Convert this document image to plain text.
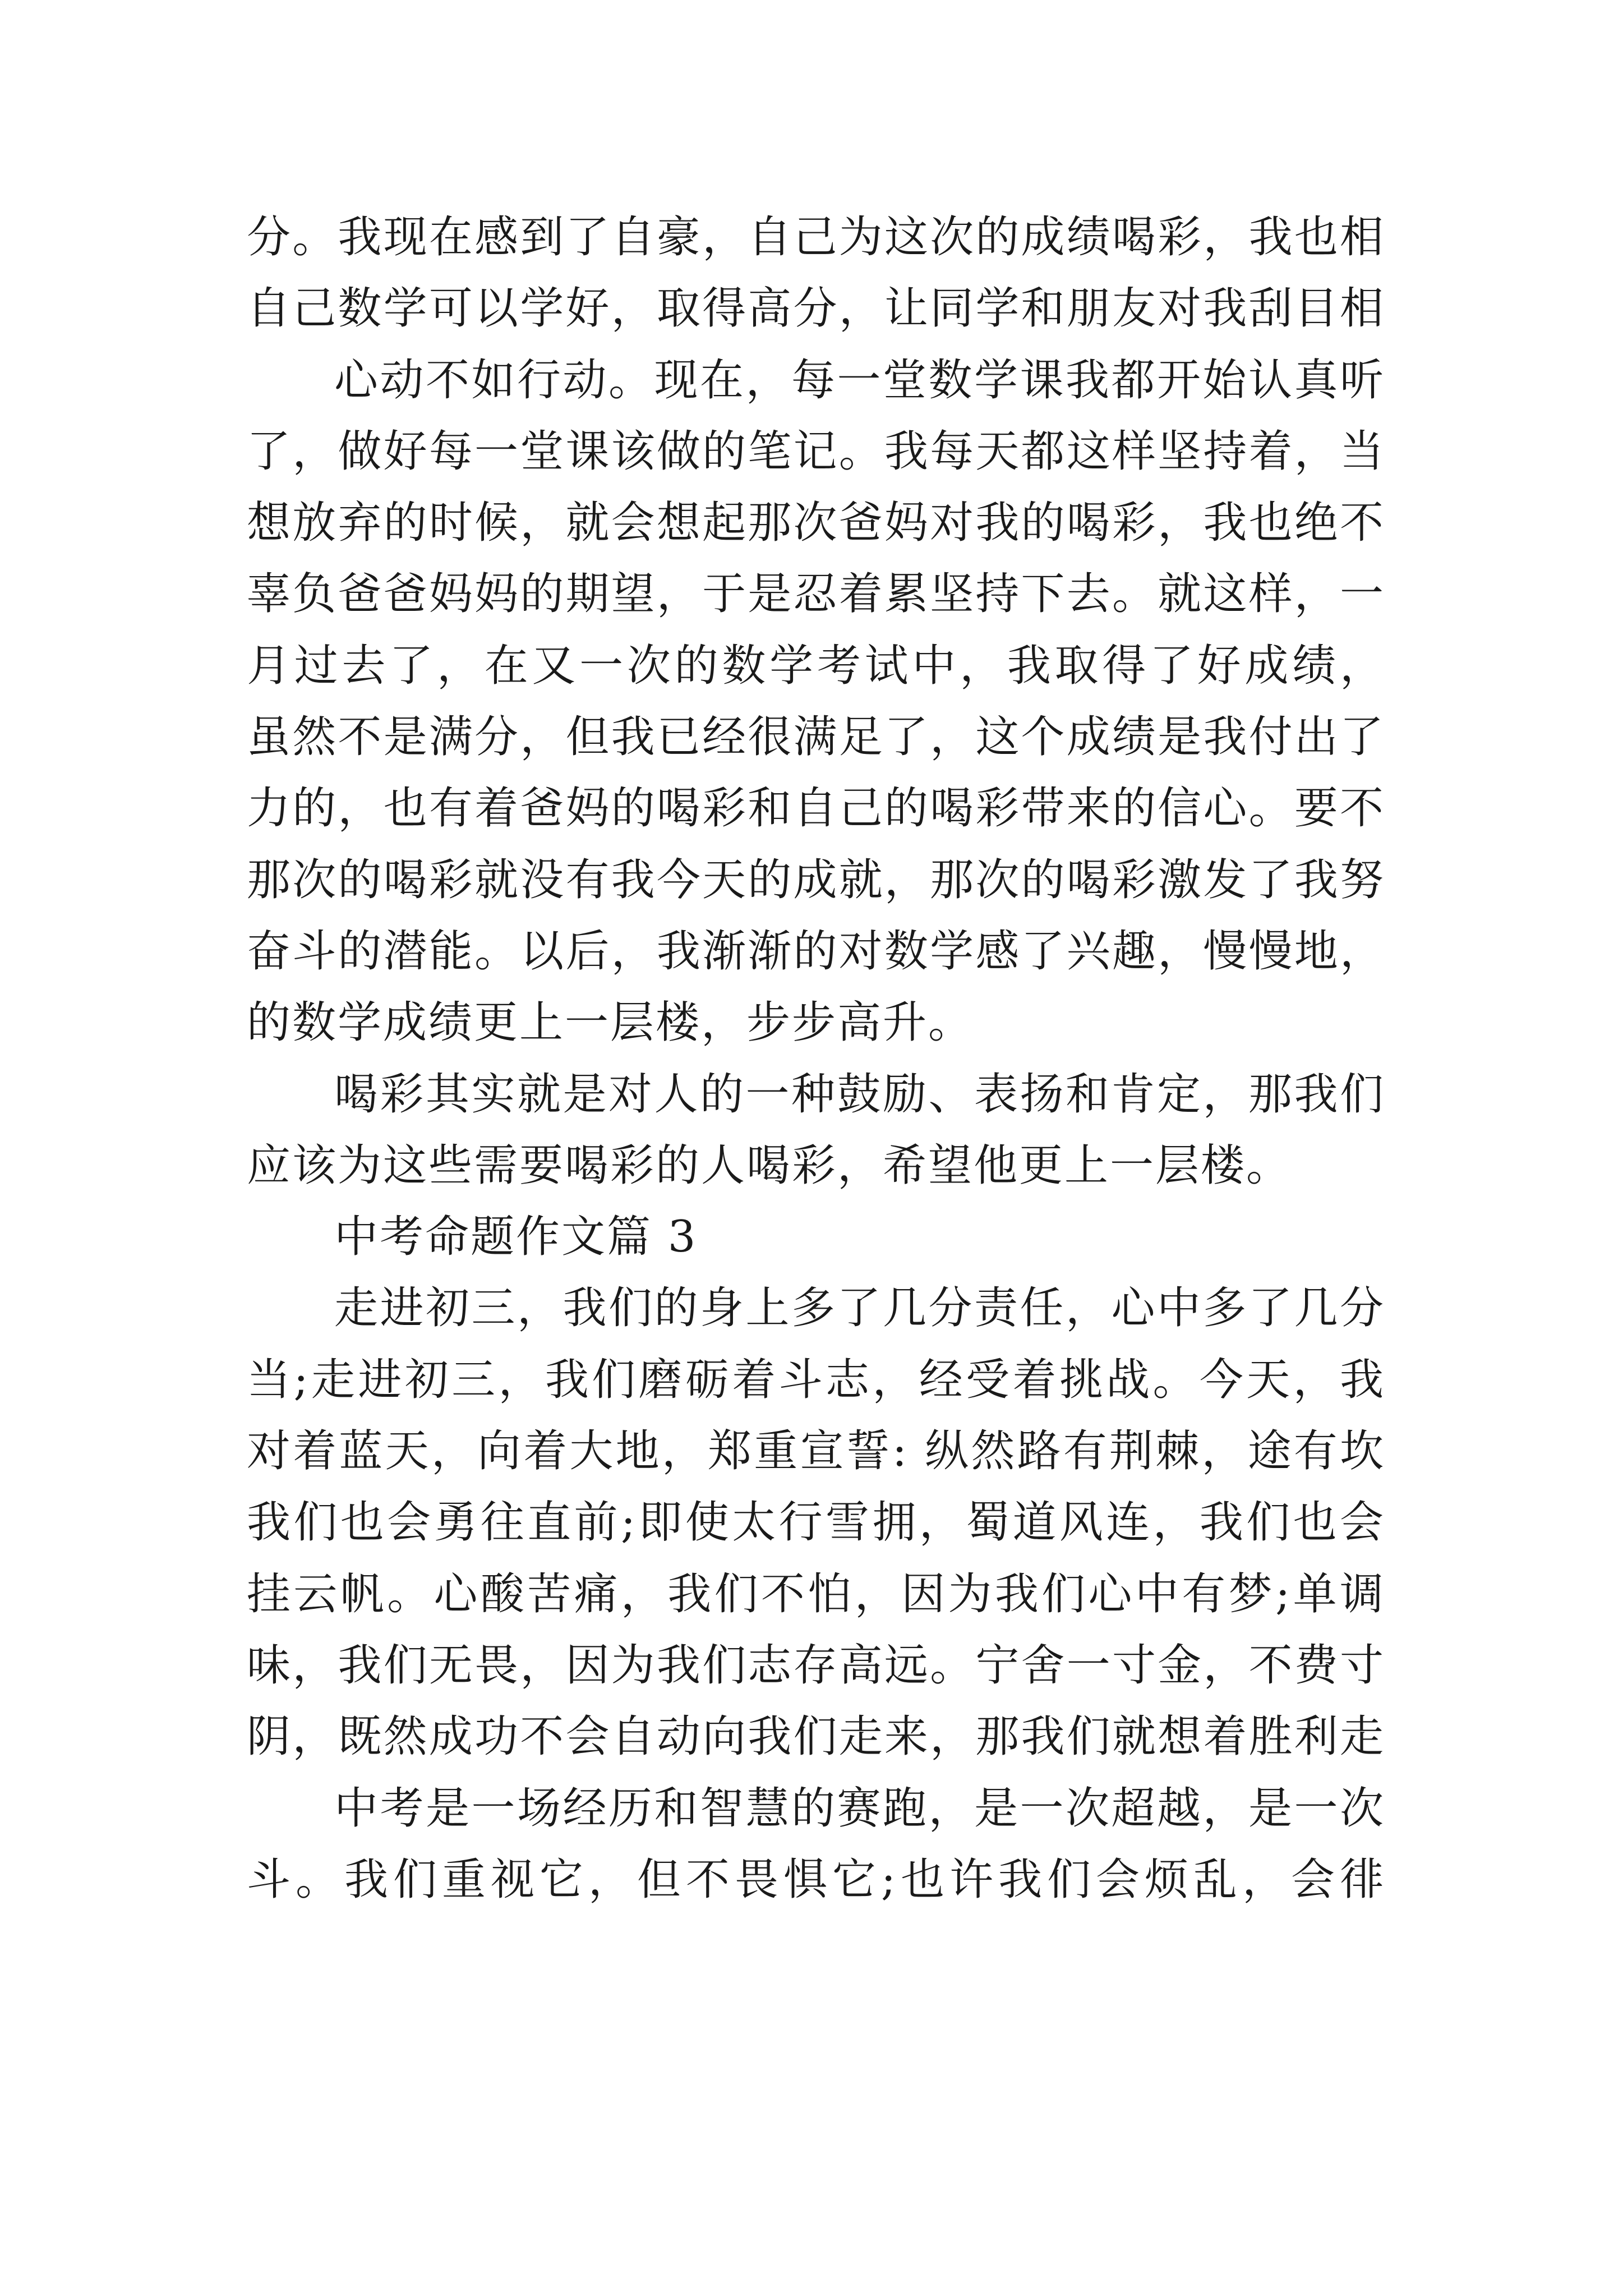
分。我现在感到了自豪，自己为这次的成绩喝彩，我也相
自己数学可以学好，取得高分，让同学和朋友对我刮目相
心动不如行动。现在，每一堂数学课我都开始认真听
了，做好每一堂课该做的笔记。我每天都这样坚持着，当
想放弃的时候，就会想起那次爸妈对我的喝彩，我也绝不
辜负爸爸妈妈的期望，于是忍着累坚持下去。就这样，一
月过去了，在又一次的数学考试中，我取得了好成绩，
虽然不是满分，但我已经很满足了，这个成绩是我付出了
力的，也有着爸妈的喝彩和自己的喝彩带来的信心。要不
那次的喝彩就没有我今天的成就，那次的喝彩激发了我努
奋斗的潜能。以后，我渐渐的对数学感了兴趣，慢慢地，
的数学成绩更上一层楼，步步高升。
喝彩其实就是对人的一种鼓励、表扬和肯定，那我们
应该为这些需要喝彩的人喝彩，希望他更上一层楼。
中考命题作文篇 3
走进初三，我们的身上多了几分责任，心中多了几分
当;走进初三，我们磨砺着斗志，经受着挑战。今天，我
对着蓝天，向着大地，郑重宣誓: 纵然路有荆棘，途有坎
我们也会勇往直前;即使太行雪拥，蜀道风连，我们也会
挂云帆。心酸苦痛，我们不怕，因为我们心中有梦;单调
味，我们无畏，因为我们志存高远。宁舍一寸金，不费寸
阴，既然成功不会自动向我们走来，那我们就想着胜利走
中考是一场经历和智慧的赛跑，是一次超越，是一次
斗。我们重视它，但不畏惧它;也许我们会烦乱，会徘
